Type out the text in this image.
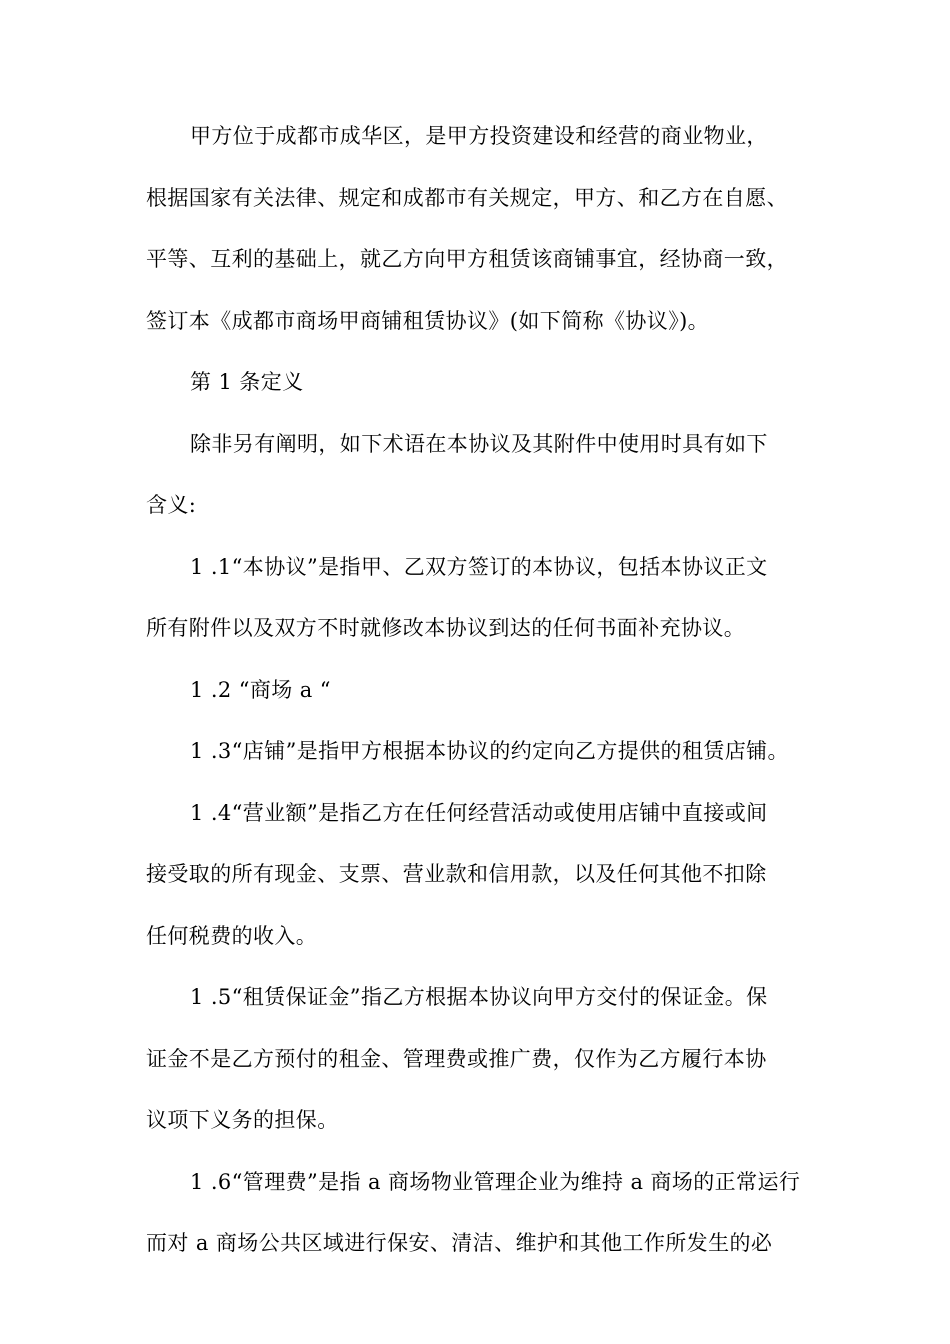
甲方位于成都市成华区，是甲方投资建设和经营的商业物业，
根据国家有关法律、规定和成都市有关规定，甲方、和乙方在自愿、
平等、互利的基础上，就乙方向甲方租赁该商铺事宜，经协商一致，
签订本《成都市商场甲商铺租赁协议》(如下简称《协议》)。
第 1 条定义
除非另有阐明，如下术语在本协议及其附件中使用时具有如下
含义:
1 .1“本协议”是指甲、乙双方签订的本协议，包括本协议正文
所有附件以及双方不时就修改本协议到达的任何书面补充协议。
1 .2 “商场 a “
1 .3“店铺”是指甲方根据本协议的约定向乙方提供的租赁店铺。
1 .4“营业额”是指乙方在任何经营活动或使用店铺中直接或间
接受取的所有现金、支票、营业款和信用款，以及任何其他不扣除
任何税费的收入。
1 .5“租赁保证金”指乙方根据本协议向甲方交付的保证金。保
证金不是乙方预付的租金、管理费或推广费，仅作为乙方履行本协
议项下义务的担保。
1 .6“管理费”是指 a 商场物业管理企业为维持 a 商场的正常运行
而对 a 商场公共区域进行保安、清洁、维护和其他工作所发生的必
